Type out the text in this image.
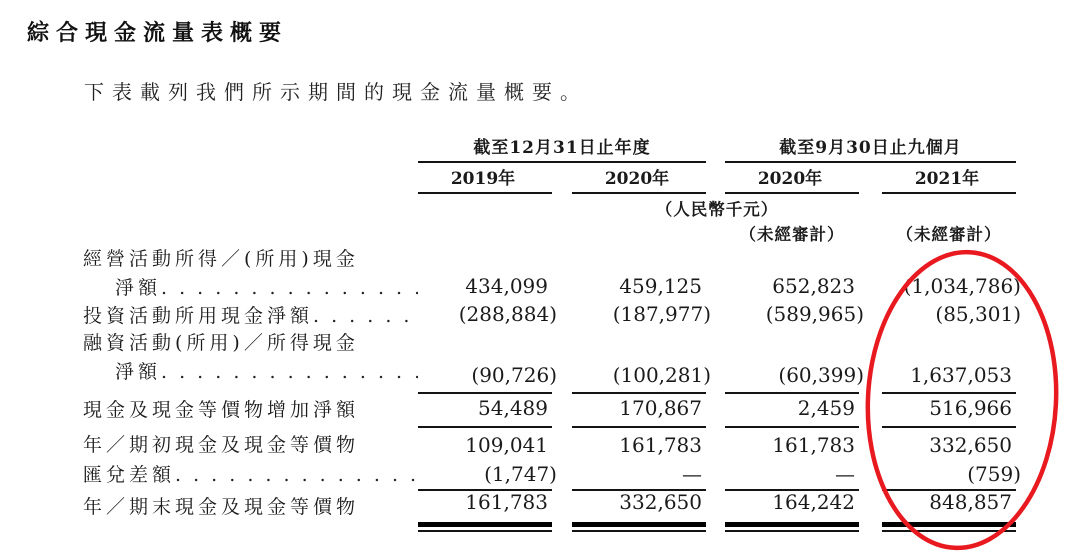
綜合現金流量表概要
下表載列我們所示期間的現金流量概要。
截至12月31日止年度	截至9月30日止九個月
2019年	2020年	2020年	2021年
（人民幣千元）
（未經審計）	（未經審計）
經營活動所得／(所用)現金
淨額 . . .	434,099	459,125	652,823 (1,034,786)
投資活動所用現金淨額 . . .	(288,884)	(187,977)	(589,965)	(85,301)
融資活動(所用)／所得現金
淨額 . . .	(90,726)	(100,281)	(60,399) 1,637,053
現金及現金等價物增加淨額	54,489	170,867	2,459	516,966
年／期初現金及現金等價物	109,041	161,783	161,783	332,650
匯兌差額 . . .	(1,747)	—	—	(759)
年／期末現金及現金等價物	161,783	332,650	164,242	848,857
